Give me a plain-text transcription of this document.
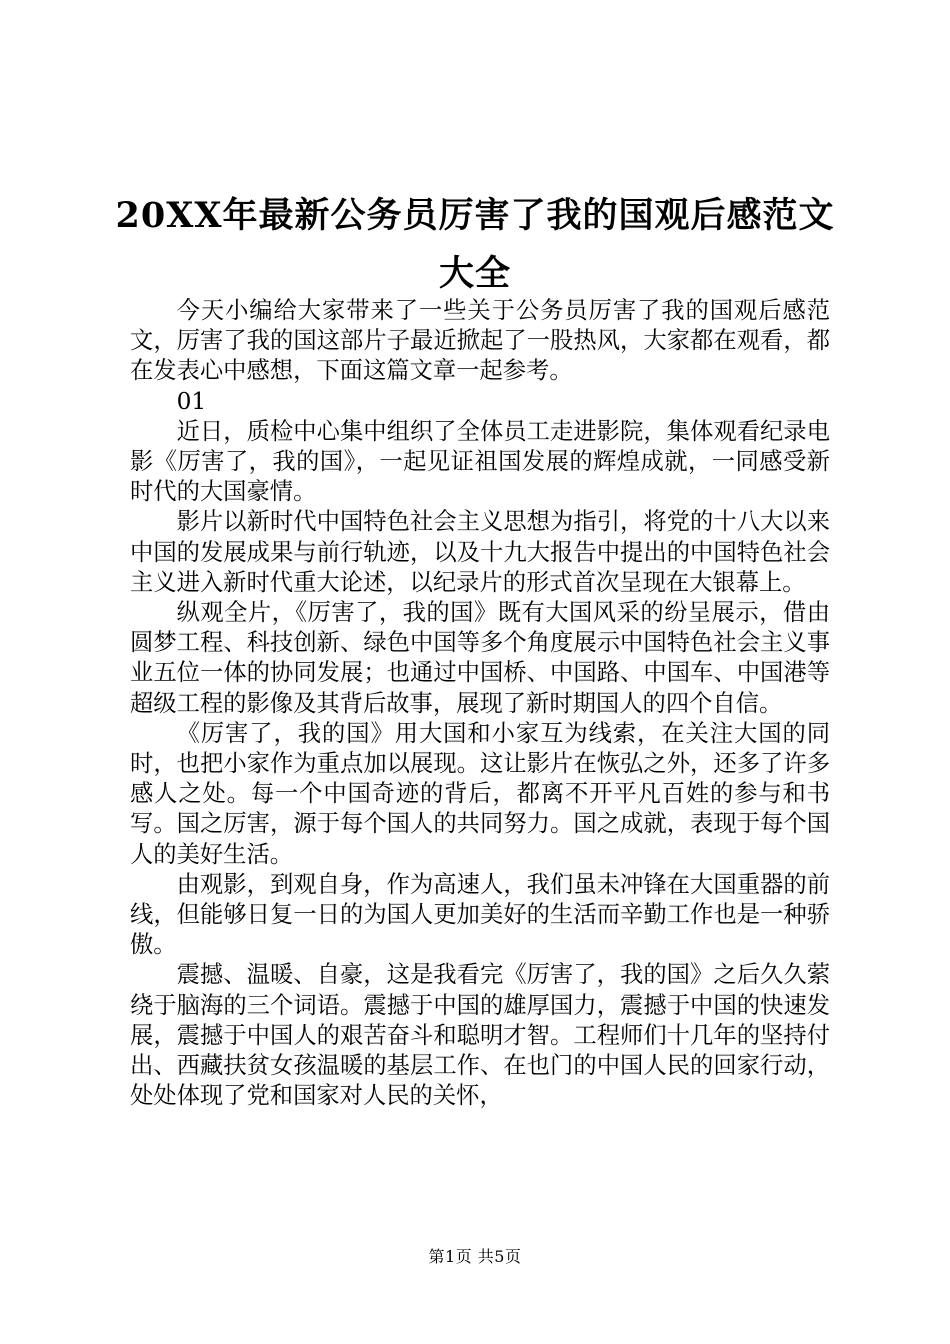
20XX年最新公务员厉害了我的国观后感范文
大全

今天小编给大家带来了一些关于公务员厉害了我的国观后感范文，厉害了我的国这部片子最近掀起了一股热风，大家都在观看，都在发表心中感想，下面这篇文章一起参考。

01

近日，质检中心集中组织了全体员工走进影院，集体观看纪录电影《厉害了，我的国》，一起见证祖国发展的辉煌成就，一同感受新时代的大国豪情。

影片以新时代中国特色社会主义思想为指引，将党的十八大以来中国的发展成果与前行轨迹，以及十九大报告中提出的中国特色社会主义进入新时代重大论述，以纪录片的形式首次呈现在大银幕上。

纵观全片，《厉害了，我的国》既有大国风采的纷呈展示，借由圆梦工程、科技创新、绿色中国等多个角度展示中国特色社会主义事业五位一体的协同发展；也通过中国桥、中国路、中国车、中国港等超级工程的影像及其背后故事，展现了新时期国人的四个自信。

《厉害了，我的国》用大国和小家互为线索，在关注大国的同时，也把小家作为重点加以展现。这让影片在恢弘之外，还多了许多感人之处。每一个中国奇迹的背后，都离不开平凡百姓的参与和书写。国之厉害，源于每个国人的共同努力。国之成就，表现于每个国人的美好生活。

由观影，到观自身，作为高速人，我们虽未冲锋在大国重器的前线，但能够日复一日的为国人更加美好的生活而辛勤工作也是一种骄傲。

震撼、温暖、自豪，这是我看完《厉害了，我的国》之后久久萦绕于脑海的三个词语。震撼于中国的雄厚国力，震撼于中国的快速发展，震撼于中国人的艰苦奋斗和聪明才智。工程师们十几年的坚持付出、西藏扶贫女孩温暖的基层工作、在也门的中国人民的回家行动，处处体现了党和国家对人民的关怀，

第1页 共5页
